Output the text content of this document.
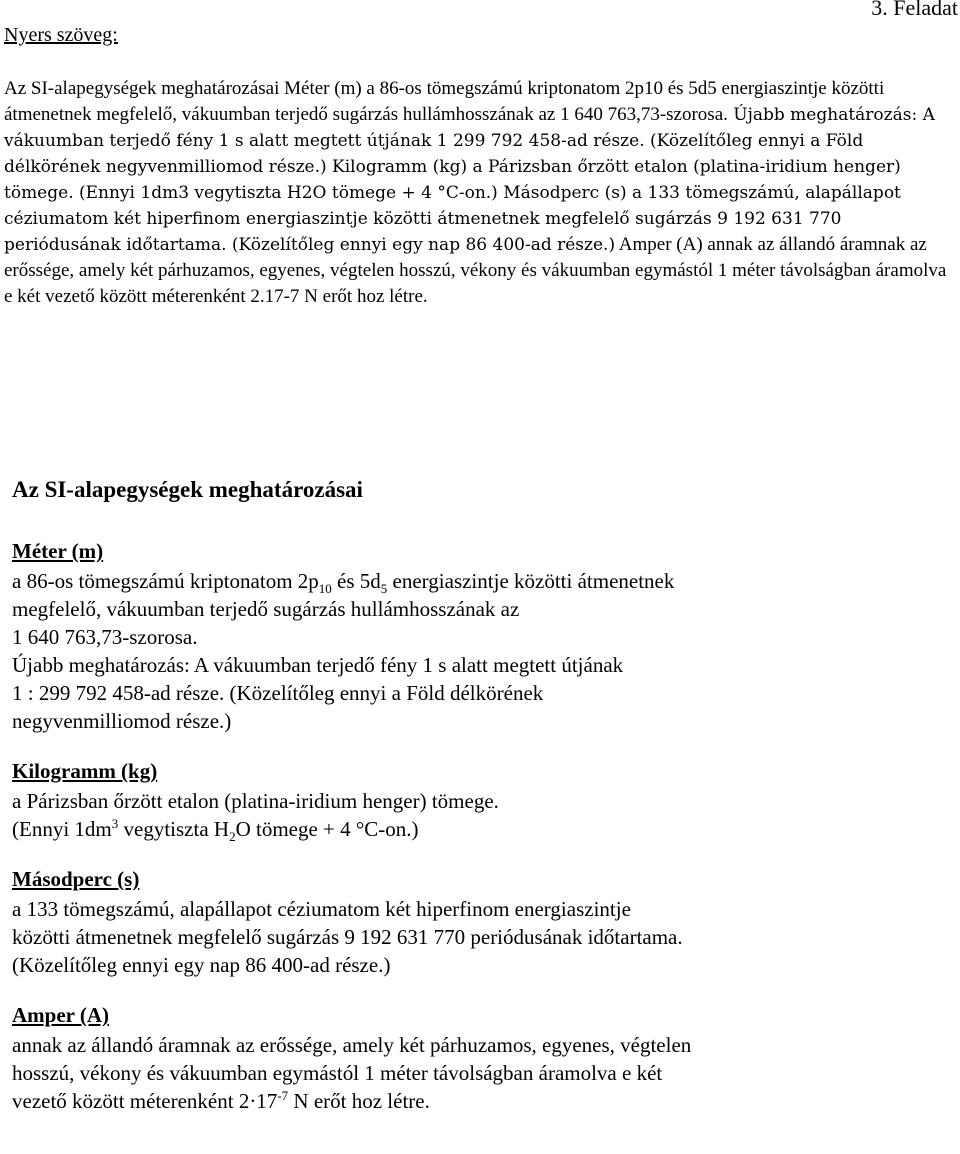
3. Feladat
Nyers szöveg:

Az SI-alapegységek meghatározásai Méter (m) a 86-os tömegszámú kriptonatom 2p10 és 5d5 energiaszintje közötti átmenetnek megfelelő, vákuumban terjedő sugárzás hullámhosszának az 1 640 763,73-szorosa. Újabb meghatározás: A vákuumban terjedő fény 1 s alatt megtett útjának 1 299 792 458-ad része. (Közelítőleg ennyi a Föld délkörének negyvenmilliomod része.) Kilogramm (kg) a Párizsban őrzött etalon (platina-iridium henger) tömege. (Ennyi 1dm3 vegytiszta H2O tömege + 4 °C-on.) Másodperc (s) a 133 tömegszámú, alapállapot céziumatom két hiperfinom energiaszintje közötti átmenetnek megfelelő sugárzás 9 192 631 770 periódusának időtartama. (Közelítőleg ennyi egy nap 86 400-ad része.) Amper (A) annak az állandó áramnak az erőssége, amely két párhuzamos, egyenes, végtelen hosszú, vékony és vákuumban egymástól 1 méter távolságban áramolva e két vezető között méterenként 2.17-7 N erőt hoz létre.

Az SI-alapegységek meghatározásai
Méter (m)

a 86-os tömegszámú kriptonatom $2p_{10}$ és $5d_5$ energiaszintje közötti átmenetnek

megfelelő, vákuumban terjedő sugárzás hullámhosszának az

1 640 763,73-szorosa.

Újabb meghatározás: A vákuumban terjedő fény 1 s alatt megtett útjának

1 : 299 792 458-ad része. (Közelítőleg ennyi a Föld délkörének

negyvenmilliomod része.)

Kilogramm (kg)

a Párizsban őrzött etalon (platina-iridium henger) tömege.

(Ennyi $1dm^3$ vegytiszta $H_2O$ tömege + 4 °C-on.)

Másodperc (s)

a 133 tömegszámú, alapállapot céziumatom két hiperfinom energiaszintje

közötti átmenetnek megfelelő sugárzás 9 192 631 770 periódusának időtartama.

(Közelítőleg ennyi egy nap 86 400-ad része.)

Amper (A)

annak az állandó áramnak az erőssége, amely két párhuzamos, egyenes, végtelen

hosszú, vékony és vákuumban egymástól 1 méter távolságban áramolva e két

vezető között méterenként $2\cdot 17^{-7}$ N erőt hoz létre.
